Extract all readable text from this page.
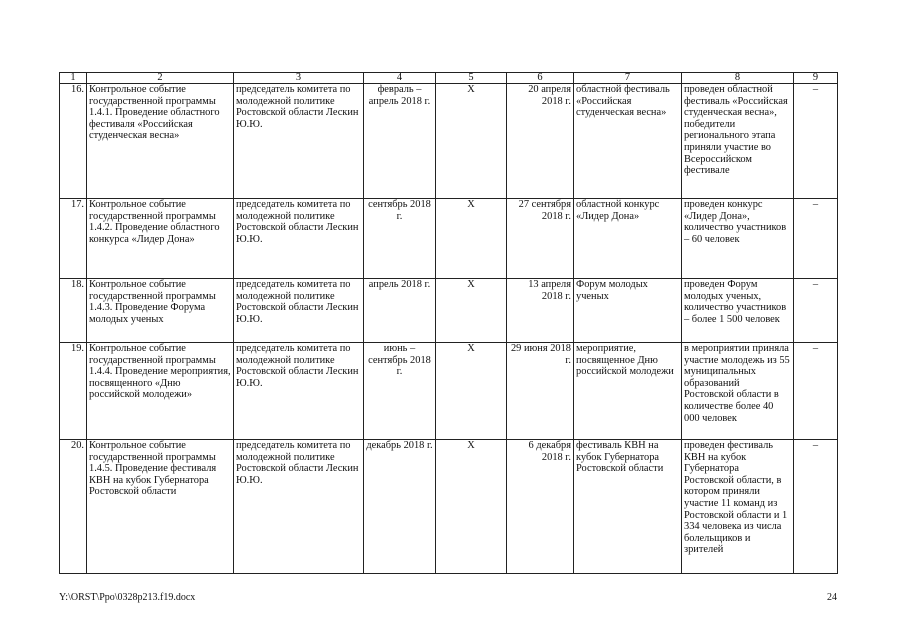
1	2	3	4	5	6	7	8	9
16.	Контрольное событие государственной программы 1.4.1. Проведение областного фестиваля «Российская студенческая весна»	председатель комитета по молодежной политике Ростовской области Лескин Ю.Ю.	февраль – апрель 2018 г.	Х	20 апреля 2018 г.	областной фестиваль «Российская студенческая весна»	проведен областной фестиваль «Российская студенческая весна», победители регионального этапа приняли участие во Всероссийском фестивале	–
17.	Контрольное событие государственной программы 1.4.2. Проведение областного конкурса «Лидер Дона»	председатель комитета по молодежной политике Ростовской области Лескин Ю.Ю.	сентябрь 2018 г.	Х	27 сентября 2018 г.	областной конкурс «Лидер Дона»	проведен конкурс «Лидер Дона», количество участников – 60 человек	–
18.	Контрольное событие государственной программы 1.4.3. Проведение Форума молодых ученых	председатель комитета по молодежной политике Ростовской области Лескин Ю.Ю.	апрель 2018 г.	Х	13 апреля 2018 г.	Форум молодых ученых	проведен Форум молодых ученых, количество участников – более 1 500 человек	–
19.	Контрольное событие государственной программы 1.4.4. Проведение мероприятия, посвященного «Дню российской молодежи»	председатель комитета по молодежной политике Ростовской области Лескин Ю.Ю.	июнь – сентябрь 2018 г.	Х	29 июня 2018 г.	мероприятие, посвященное Дню российской молодежи	в мероприятии приняла участие молодежь из 55 муниципальных образований Ростовской области в количестве более 40 000 человек	–
20.	Контрольное событие государственной программы 1.4.5. Проведение фестиваля КВН на кубок Губернатора Ростовской области	председатель комитета по молодежной политике Ростовской области Лескин Ю.Ю.	декабрь 2018 г.	Х	6 декабря 2018 г.	фестиваль КВН на кубок Губернатора Ростовской области	проведен фестиваль КВН на кубок Губернатора Ростовской области, в котором приняли участие 11 команд из Ростовской области и 1 334 человека из числа болельщиков и зрителей	–
Y:\ORST\Ppo\0328p213.f19.docx	24
